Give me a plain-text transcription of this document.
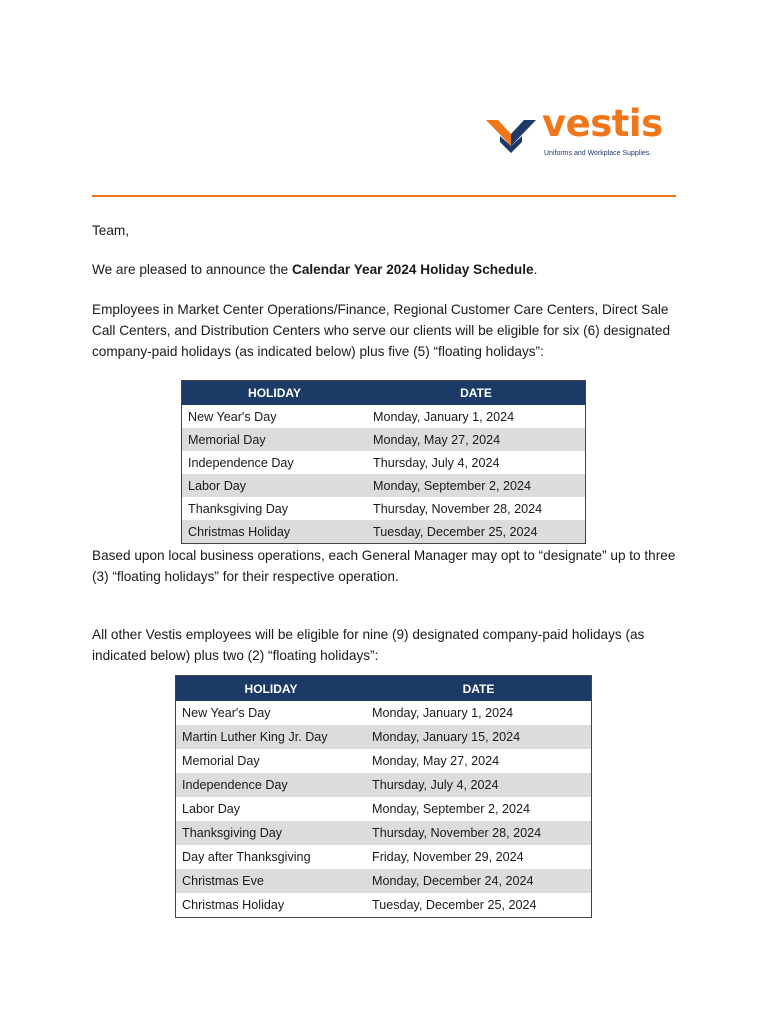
vestis
Uniforms and Workplace Supplies.

Team,

We are pleased to announce the Calendar Year 2024 Holiday Schedule.

Employees in Market Center Operations/Finance, Regional Customer Care Centers, Direct Sale Call Centers, and Distribution Centers who serve our clients will be eligible for six (6) designated company-paid holidays (as indicated below) plus five (5) “floating holidays”:

HOLIDAY	DATE
New Year's Day	Monday, January 1, 2024
Memorial Day	Monday, May 27, 2024
Independence Day	Thursday, July 4, 2024
Labor Day	Monday, September 2, 2024
Thanksgiving Day	Thursday, November 28, 2024
Christmas Holiday	Tuesday, December 25, 2024

Based upon local business operations, each General Manager may opt to “designate” up to three (3) “floating holidays” for their respective operation.

All other Vestis employees will be eligible for nine (9) designated company-paid holidays (as indicated below) plus two (2) “floating holidays”:

HOLIDAY	DATE
New Year's Day	Monday, January 1, 2024
Martin Luther King Jr. Day	Monday, January 15, 2024
Memorial Day	Monday, May 27, 2024
Independence Day	Thursday, July 4, 2024
Labor Day	Monday, September 2, 2024
Thanksgiving Day	Thursday, November 28, 2024
Day after Thanksgiving	Friday, November 29, 2024
Christmas Eve	Monday, December 24, 2024
Christmas Holiday	Tuesday, December 25, 2024
